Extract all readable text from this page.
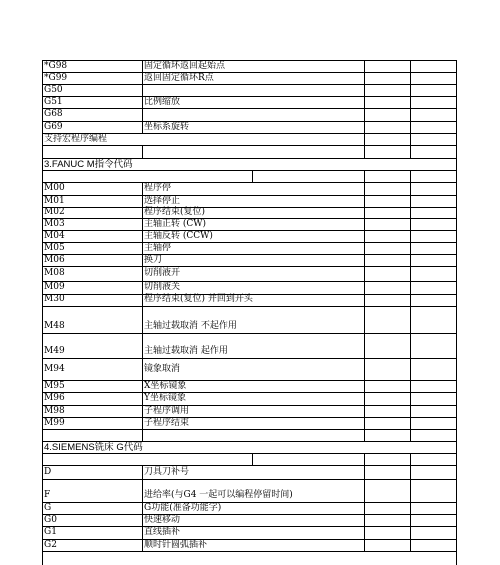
*G98	固定循环返回起始点
*G99	返回固定循环R点
G50
G51	比例缩放
G68
G69	坐标系旋转
支持宏程序编程
3.FANUC M指令代码
M00	程序停
M01	选择停止
M02	程序结束(复位)
M03	主轴正转 (CW)
M04	主轴反转 (CCW)
M05	主轴停
M06	换刀
M08	切削液开
M09	切削液关
M30	程序结束(复位) 并回到开头
M48	主轴过载取消 不起作用
M49	主轴过载取消 起作用
M94	镜象取消
M95	X坐标镜象
M96	Y坐标镜象
M98	子程序调用
M99	子程序结束
4.SIEMENS铣床 G代码
D	刀具刀补号
F	进给率(与G4 一起可以编程停留时间)
G	G功能(准备功能字)
G0	快速移动
G1	直线插补
G2	顺时针圆弧插补
